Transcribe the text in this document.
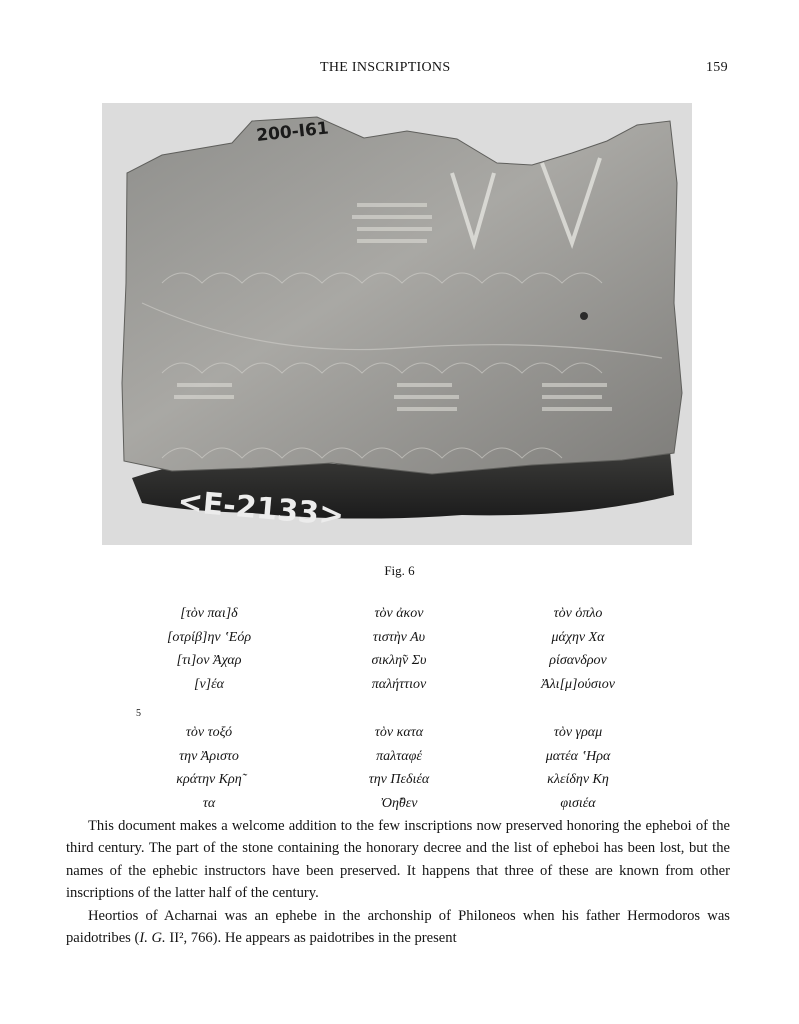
THE INSCRIPTIONS	159
200-Ι61
<E-2133>
Fig. 6
[τὸν παι]δ
[οτρίβ]ην ʽΕόρ
[τι]ον Ἀχαρ
[ν]έα
τὸν τοξό
την Ἀριστο
κράτην Κρη̃
τα
τὸν ἀκον
τιστὴν Αυ
σικλη̃ν Συ
παλήττιον
τὸν κατα
πaλταφέ
την Πεδιέα
Ὀη̃θεν
τὸν ὁπλο
μάχην Χα
ρίσανδρον
Ἀλι[μ]ούσιον
τὸν γραμ
ματέα ʽΗρα
κλείδην Κη
φισιέα
5

This document makes a welcome addition to the few inscriptions now preserved honoring the epheboi of the third century. The part of the stone containing the honorary decree and the list of epheboi has been lost, but the names of the ephebic instructors have been preserved. It happens that three of these are known from other inscriptions of the latter half of the century.

Heortios of Acharnai was an ephebe in the archonship of Philoneos when his father Hermodoros was paidotribes (I. G. II², 766). He appears as paidotribes in the present
